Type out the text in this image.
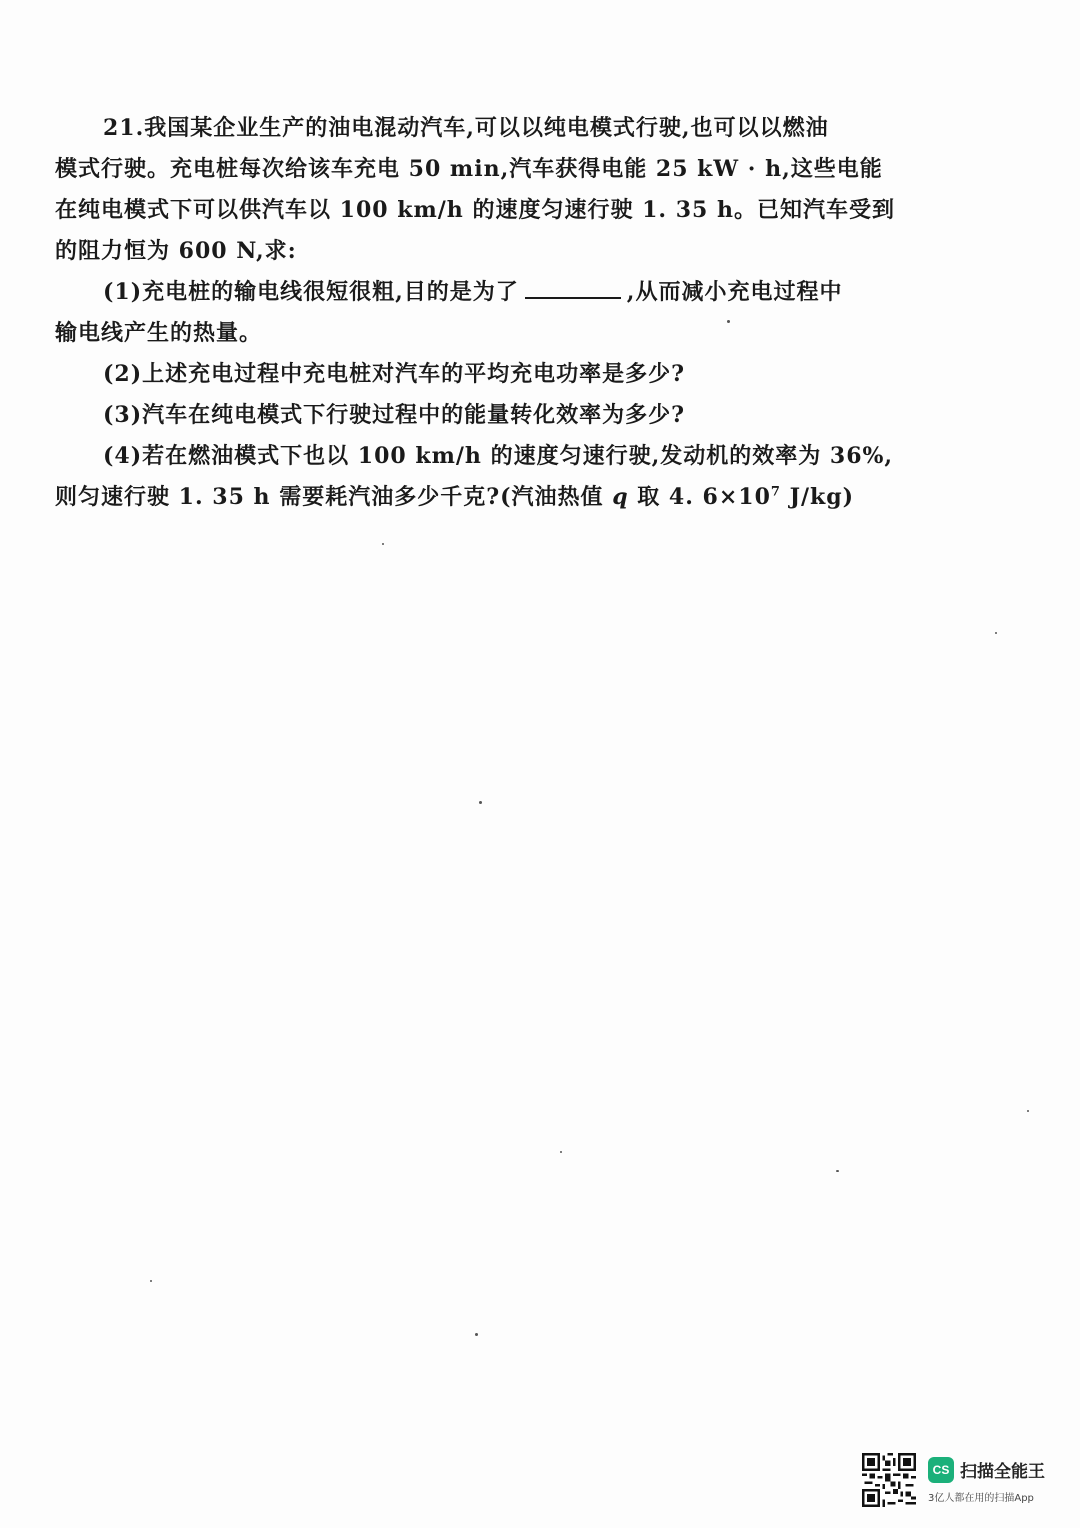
21.我国某企业生产的油电混动汽车,可以以纯电模式行驶,也可以以燃油
模式行驶。充电桩每次给该车充电 50 min,汽车获得电能 25 kW · h,这些电能
在纯电模式下可以供汽车以 100 km/h 的速度匀速行驶 1. 35 h。已知汽车受到
的阻力恒为 600 N,求:
(1)充电桩的输电线很短很粗,目的是为了	,从而减小充电过程中
输电线产生的热量。
(2)上述充电过程中充电桩对汽车的平均充电功率是多少?
(3)汽车在纯电模式下行驶过程中的能量转化效率为多少?
(4)若在燃油模式下也以 100 km/h 的速度匀速行驶,发动机的效率为 36%,
则匀速行驶 1. 35 h 需要耗汽油多少千克?(汽油热值 q 取 4. $6\times 10^7$ J/kg)
CS 扫描全能王
3亿人都在用的扫描App
